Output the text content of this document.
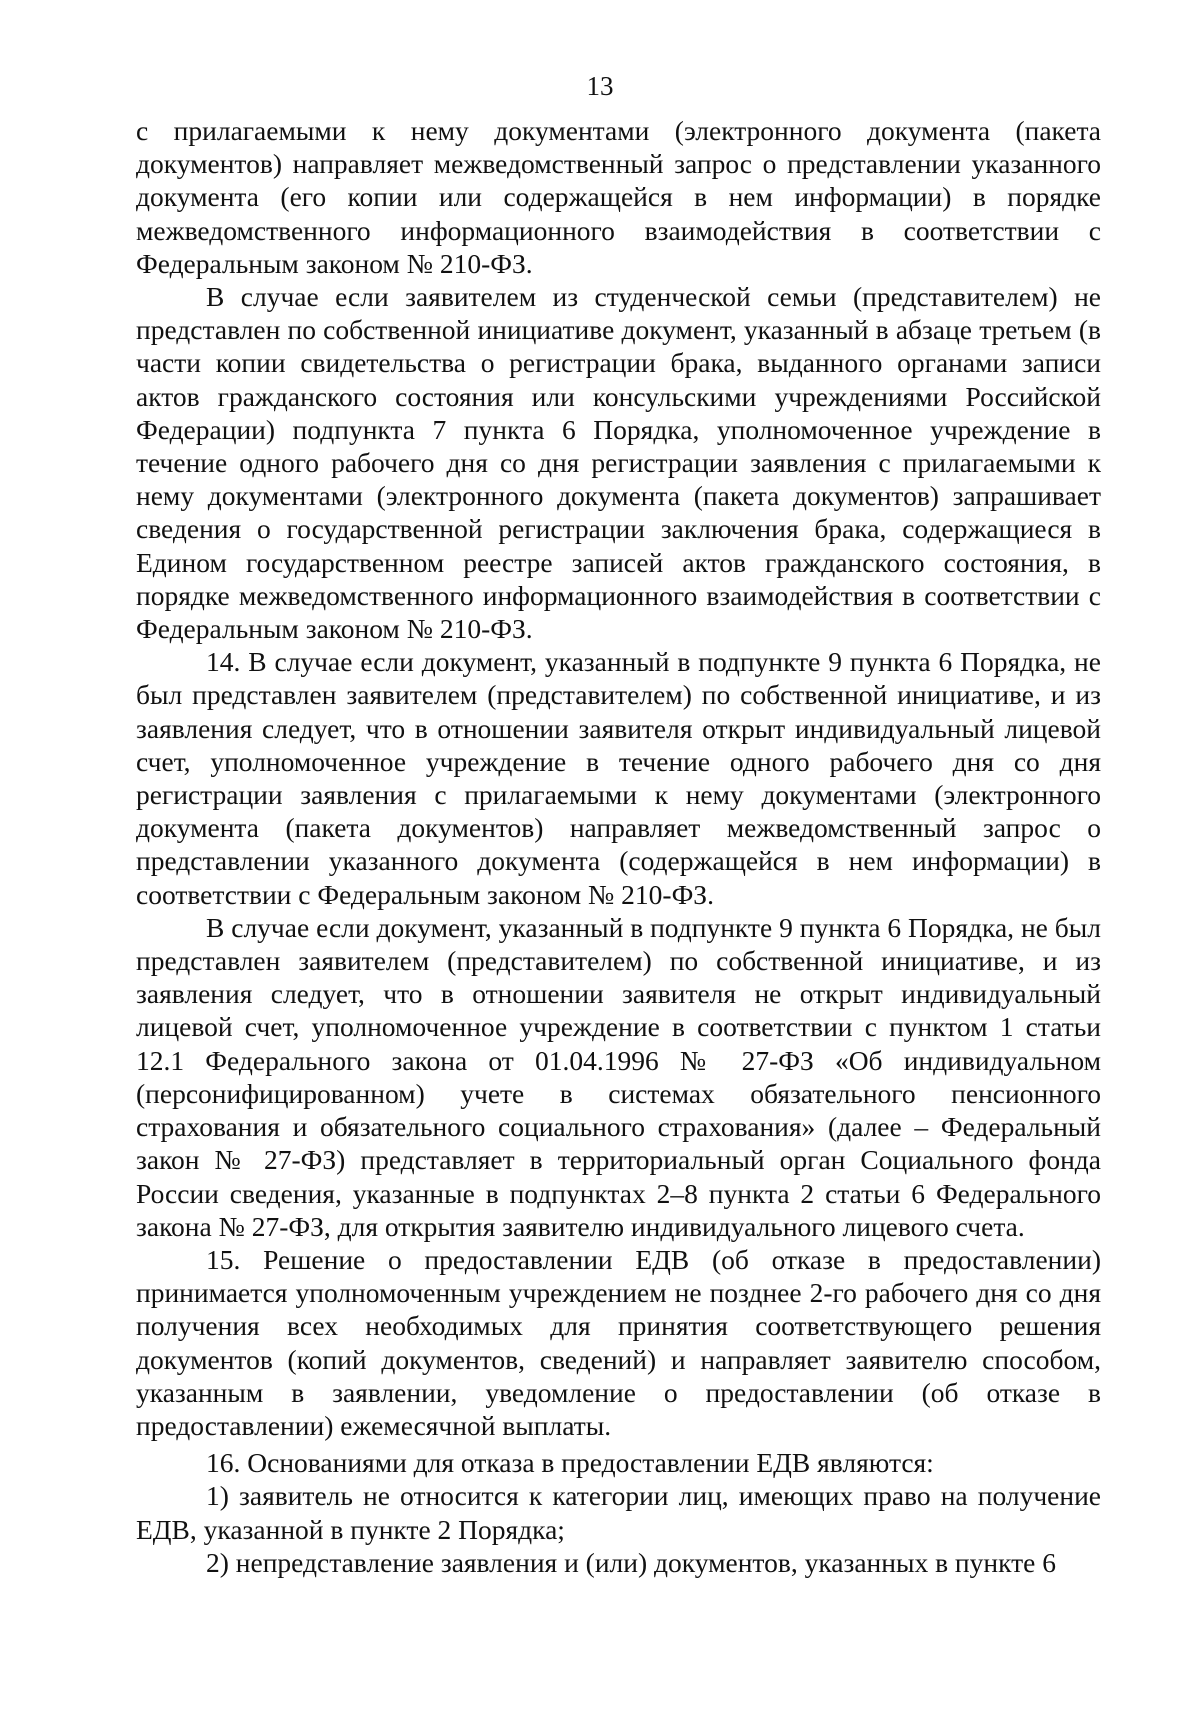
13

с прилагаемыми к нему документами (электронного документа (пакета документов) направляет межведомственный запрос о представлении указанного документа (его копии или содержащейся в нем информации) в порядке межведомственного информационного взаимодействия в соответствии с Федеральным законом № 210-ФЗ.

В случае если заявителем из студенческой семьи (представителем) не представлен по собственной инициативе документ, указанный в абзаце третьем (в части копии свидетельства о регистрации брака, выданного органами записи актов гражданского состояния или консульскими учреждениями Российской Федерации) подпункта 7 пункта 6 Порядка, уполномоченное учреждение в течение одного рабочего дня со дня регистрации заявления с прилагаемыми к нему документами (электронного документа (пакета документов) запрашивает сведения о государственной регистрации заключения брака, содержащиеся в Едином государственном реестре записей актов гражданского состояния, в порядке межведомственного информационного взаимодействия в соответствии с Федеральным законом № 210-ФЗ.

14. В случае если документ, указанный в подпункте 9 пункта 6 Порядка, не был представлен заявителем (представителем) по собственной инициативе, и из заявления следует, что в отношении заявителя открыт индивидуальный лицевой счет, уполномоченное учреждение в течение одного рабочего дня со дня регистрации заявления с прилагаемыми к нему документами (электронного документа (пакета документов) направляет межведомственный запрос о представлении указанного документа (содержащейся в нем информации) в соответствии с Федеральным законом № 210-ФЗ.

В случае если документ, указанный в подпункте 9 пункта 6 Порядка, не был представлен заявителем (представителем) по собственной инициативе, и из заявления следует, что в отношении заявителя не открыт индивидуальный лицевой счет, уполномоченное учреждение в соответствии с пунктом 1 статьи 12.1 Федерального закона от 01.04.1996 № 27-ФЗ «Об индивидуальном (персонифицированном) учете в системах обязательного пенсионного страхования и обязательного социального страхования» (далее – Федеральный закон № 27-ФЗ) представляет в территориальный орган Социального фонда России сведения, указанные в подпунктах 2–8 пункта 2 статьи 6 Федерального закона № 27-ФЗ, для открытия заявителю индивидуального лицевого счета.

15. Решение о предоставлении ЕДВ (об отказе в предоставлении) принимается уполномоченным учреждением не позднее 2-го рабочего дня со дня получения всех необходимых для принятия соответствующего решения документов (копий документов, сведений) и направляет заявителю способом, указанным в заявлении, уведомление о предоставлении (об отказе в предоставлении) ежемесячной выплаты.

16. Основаниями для отказа в предоставлении ЕДВ являются:

1) заявитель не относится к категории лиц, имеющих право на получение ЕДВ, указанной в пункте 2 Порядка;

2) непредставление заявления и (или) документов, указанных в пункте 6
